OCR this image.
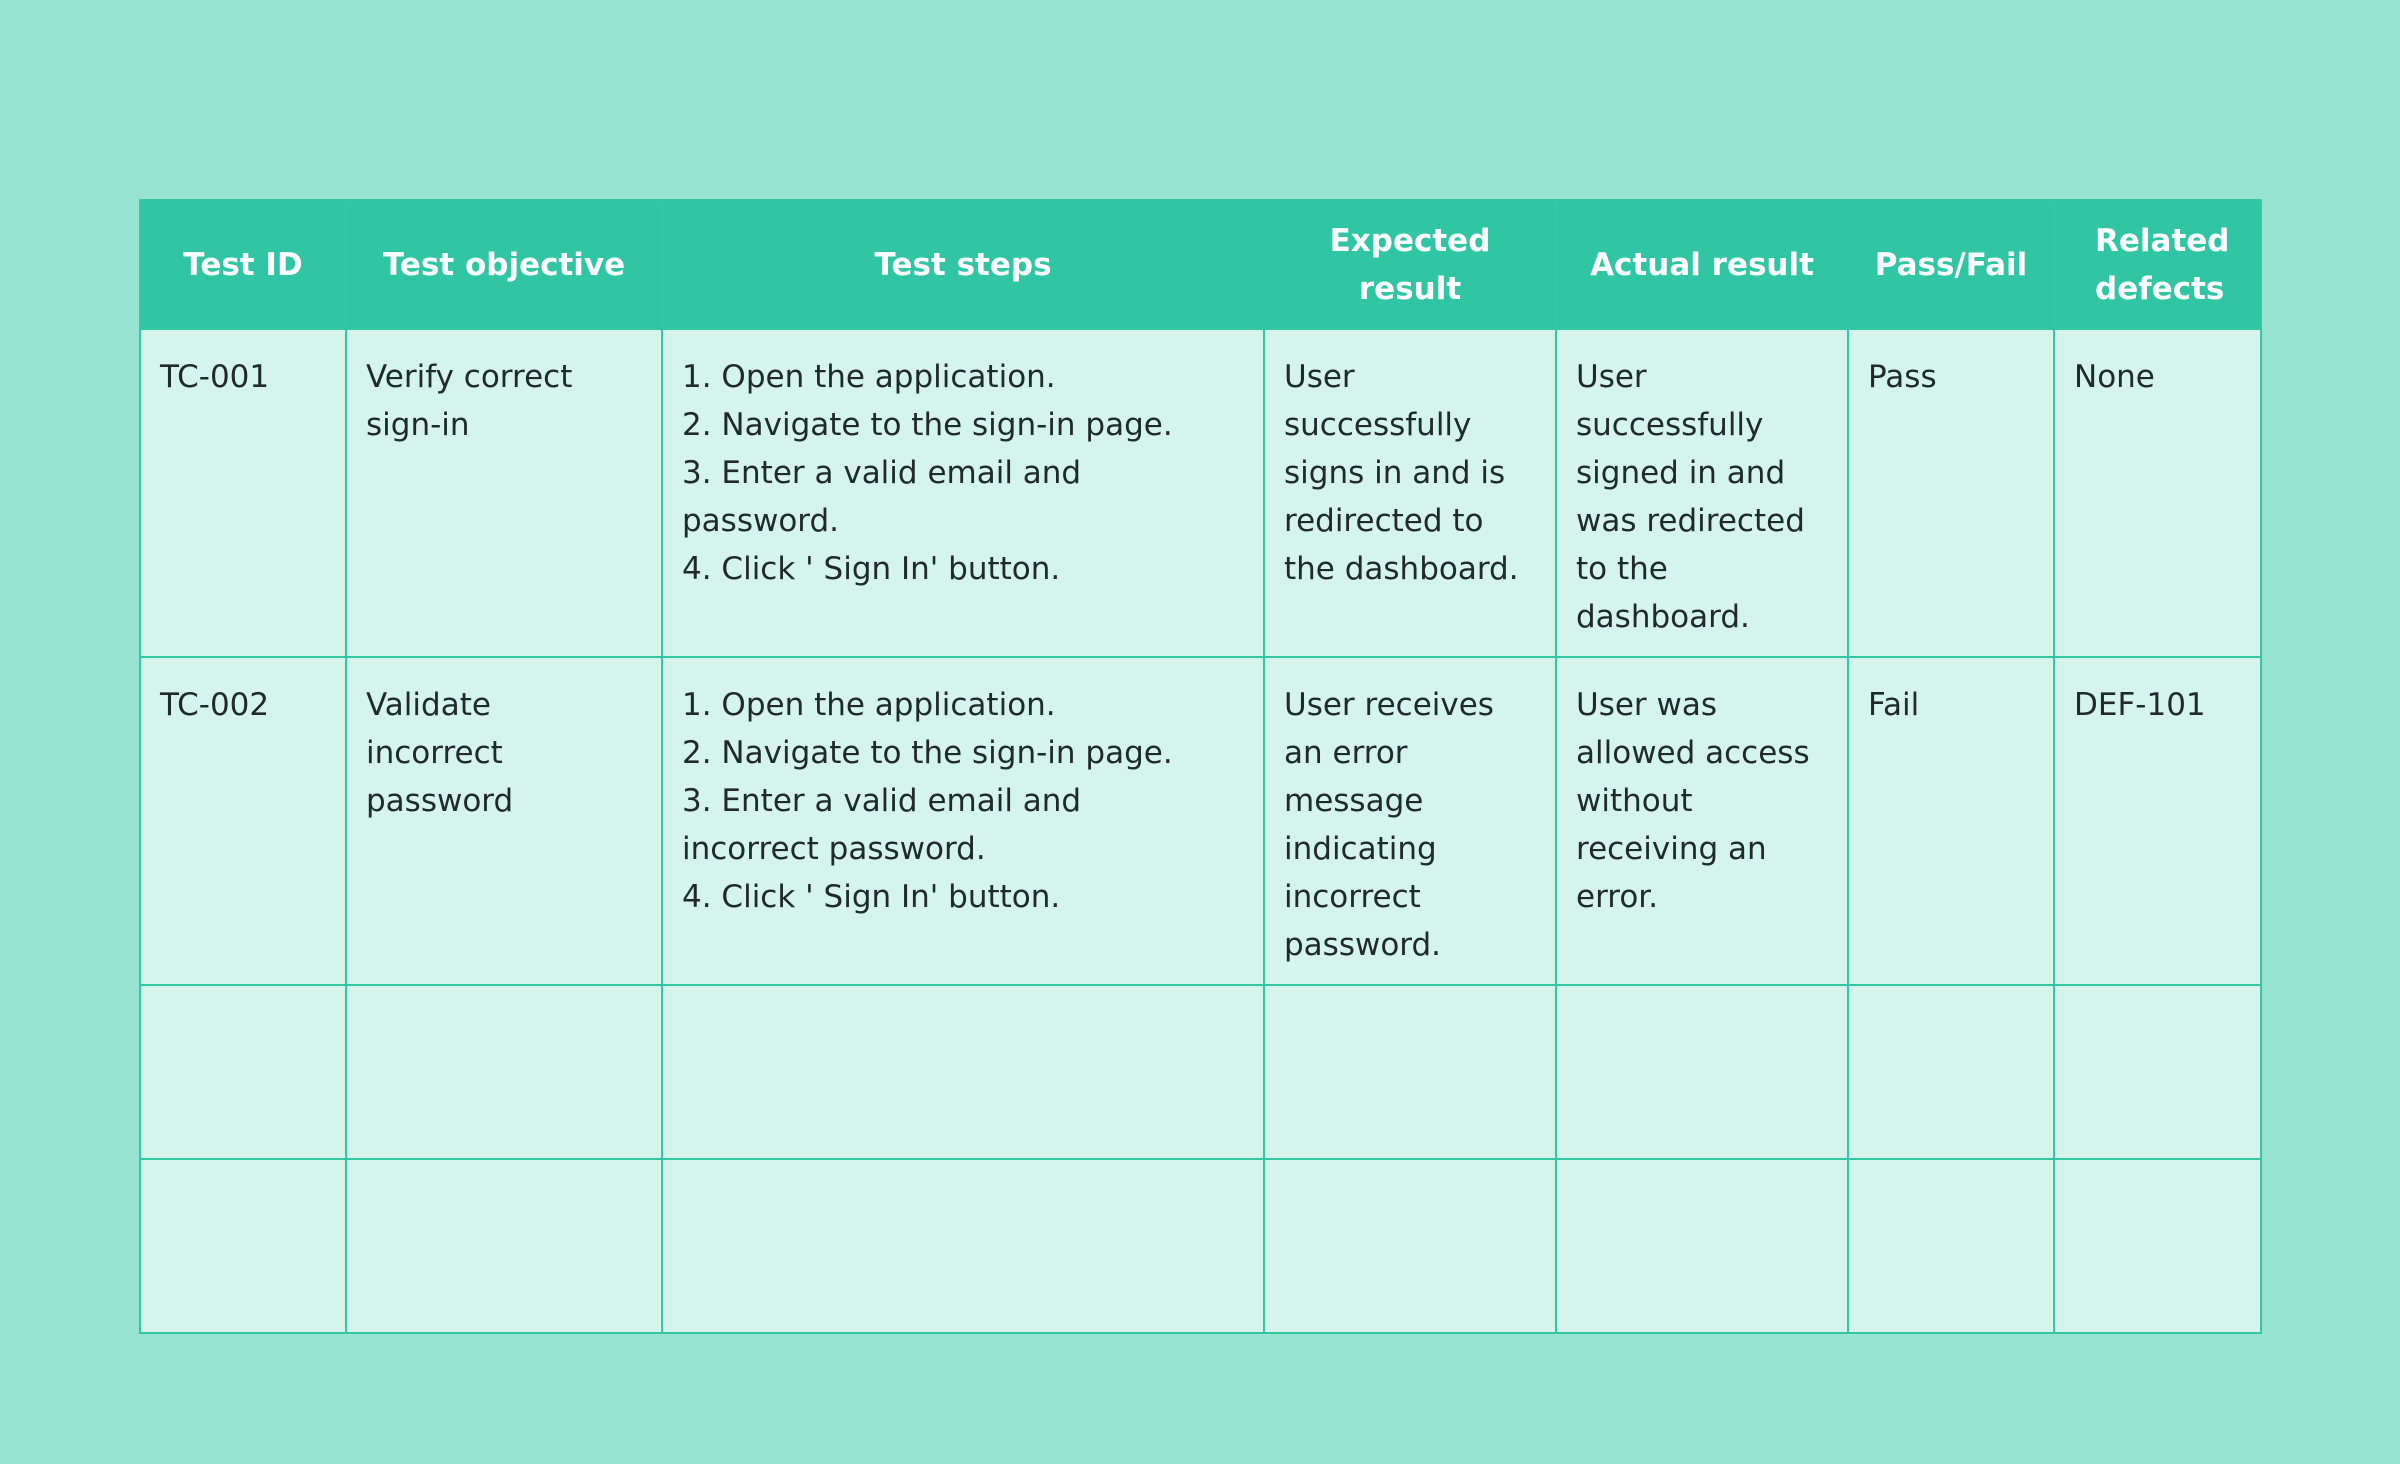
Test ID	Test objective	Test steps	Expected result	Actual result	Pass/Fail	Related defects

TC-001	Verify correct sign-in	1. Open the application.
2. Navigate to the sign-in page.
3. Enter a valid email and password.
4. Click ' Sign In' button.	User successfully signs in and is redirected to the dashboard.	User successfully signed in and was redirected to the dashboard.	Pass	None

TC-002	Validate incorrect password	1. Open the application.
2. Navigate to the sign-in page.
3. Enter a valid email and incorrect password.
4. Click ' Sign In' button.	User receives an error message indicating incorrect password.	User was allowed access without receiving an error.	Fail	DEF-101
